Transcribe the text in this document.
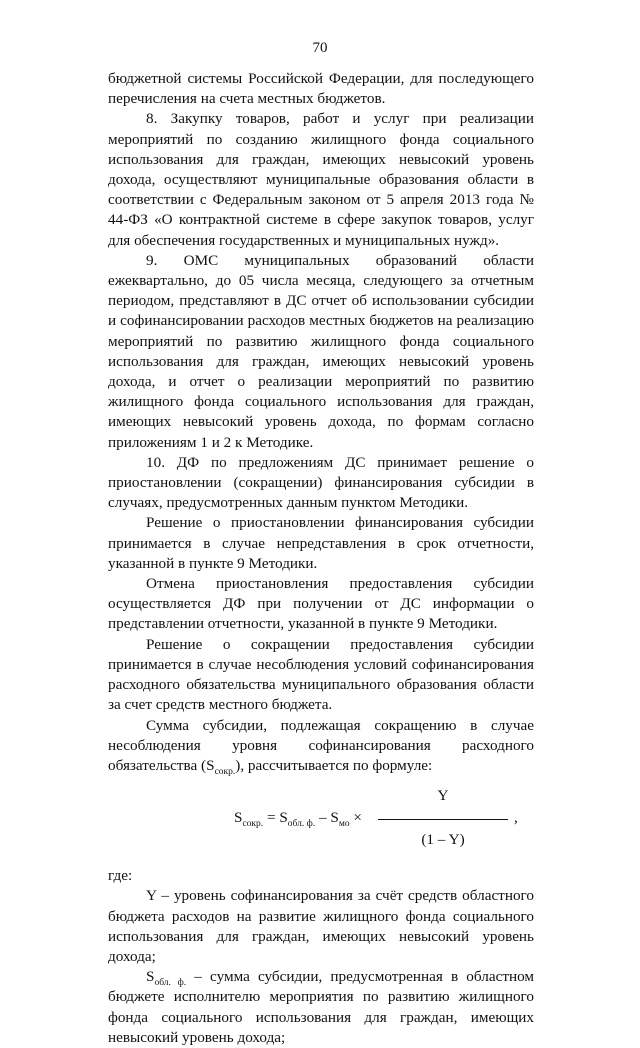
70

бюджетной системы Российской Федерации, для последующего перечисления на счета местных бюджетов.

8. Закупку товаров, работ и услуг при реализации мероприятий по созданию жилищного фонда социального использования для граждан, имеющих невысокий уровень дохода, осуществляют муниципальные образования области в соответствии с Федеральным законом от 5 апреля 2013 года № 44-ФЗ «О контрактной системе в сфере закупок товаров, услуг для обеспечения государственных и муниципальных нужд».

9. ОМС муниципальных образований области ежеквартально, до 05 числа месяца, следующего за отчетным периодом, представляют в ДС отчет об использовании субсидии и софинансировании расходов местных бюджетов на реализацию мероприятий по развитию жилищного фонда социального использования для граждан, имеющих невысокий уровень дохода, и отчет о реализации мероприятий по развитию жилищного фонда социального использования для граждан, имеющих невысокий уровень дохода, по формам согласно приложениям 1 и 2 к Методике.

10. ДФ по предложениям ДС принимает решение о приостановлении (сокращении) финансирования субсидии в случаях, предусмотренных данным пунктом Методики.

Решение о приостановлении финансирования субсидии принимается в случае непредставления в срок отчетности, указанной в пункте 9 Методики.

Отмена приостановления предоставления субсидии осуществляется ДФ при получении от ДС информации о представлении отчетности, указанной в пункте 9 Методики.

Решение о сокращении предоставления субсидии принимается в случае несоблюдения условий софинансирования расходного обязательства муниципального образования области за счет средств местного бюджета.

Сумма субсидии, подлежащая сокращению в случае несоблюдения уровня софинансирования расходного обязательства $(S_{сокр.})$, рассчитывается по формуле:

$S_{сокр.} = S_{обл. ф.} - S_{мо}$ ×
Y
(1 – Y)
,

где:

Y – уровень софинансирования за счёт средств областного бюджета расходов на развитие жилищного фонда социального использования для граждан, имеющих невысокий уровень дохода;

$S_{обл. ф.}$ – сумма субсидии, предусмотренная в областном бюджете исполнителю мероприятия по развитию жилищного фонда социального использования для граждан, имеющих невысокий уровень дохода;
